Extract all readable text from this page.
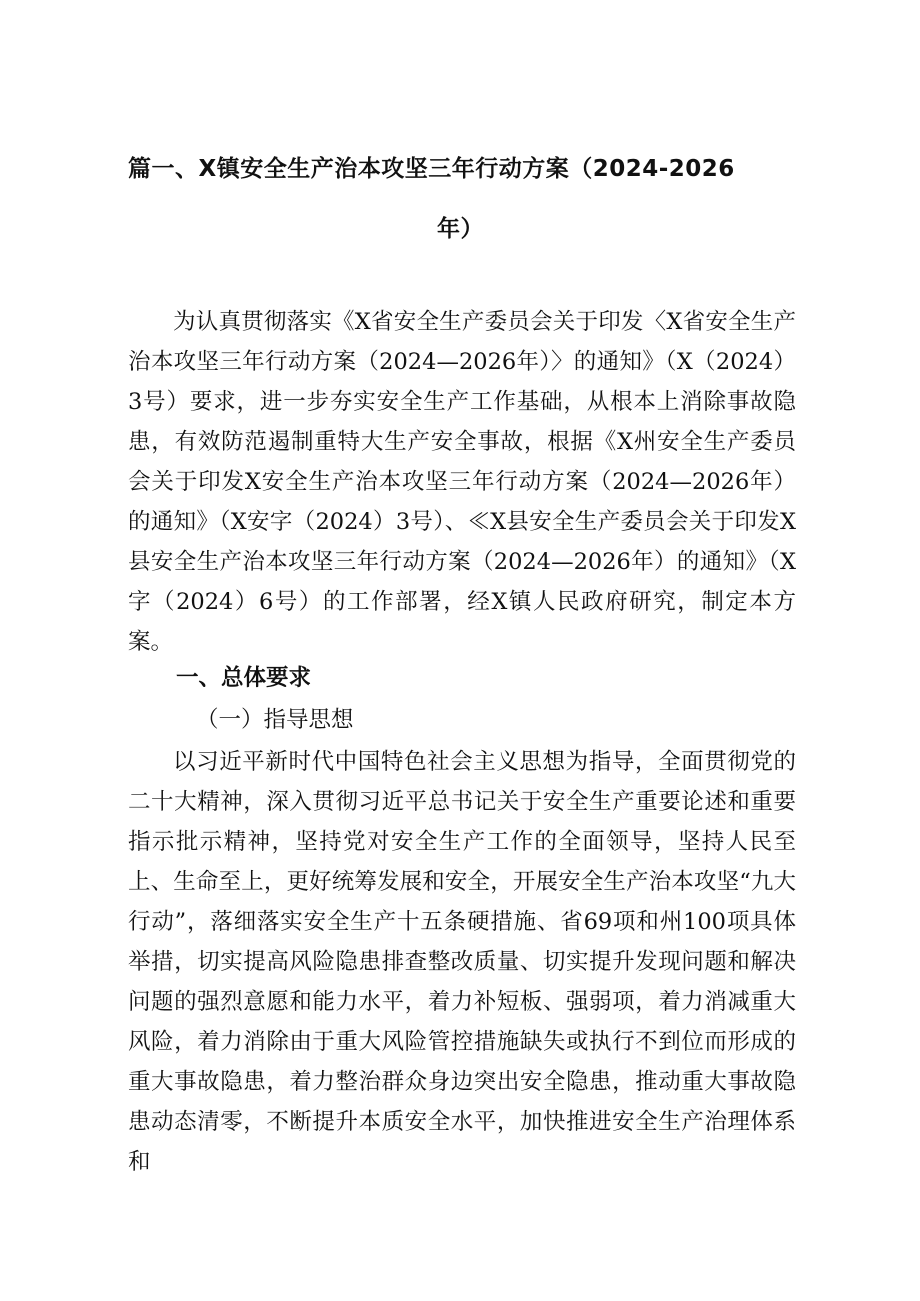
篇一、X镇安全生产治本攻坚三年行动方案（2024-2026
年）

为认真贯彻落实《X省安全生产委员会关于印发〈X省安全生产治本攻坚三年行动方案（2024—2026年）〉的通知》（X（2024）3号）要求，进一步夯实安全生产工作基础，从根本上消除事故隐患，有效防范遏制重特大生产安全事故，根据《X州安全生产委员会关于印发X安全生产治本攻坚三年行动方案（2024—2026年）的通知》（X安字（2024）3号）、≪X县安全生产委员会关于印发X县安全生产治本攻坚三年行动方案（2024—2026年）的通知》（X字（2024）6号）的工作部署，经X镇人民政府研究，制定本方案。

一、总体要求
（一）指导思想

以习近平新时代中国特色社会主义思想为指导，全面贯彻党的二十大精神，深入贯彻习近平总书记关于安全生产重要论述和重要指示批示精神，坚持党对安全生产工作的全面领导，坚持人民至上、生命至上，更好统筹发展和安全，开展安全生产治本攻坚“九大行动”，落细落实安全生产十五条硬措施、省69项和州100项具体举措，切实提高风险隐患排查整改质量、切实提升发现问题和解决问题的强烈意愿和能力水平，着力补短板、强弱项，着力消减重大风险，着力消除由于重大风险管控措施缺失或执行不到位而形成的重大事故隐患，着力整治群众身边突出安全隐患，推动重大事故隐患动态清零，不断提升本质安全水平，加快推进安全生产治理体系和
